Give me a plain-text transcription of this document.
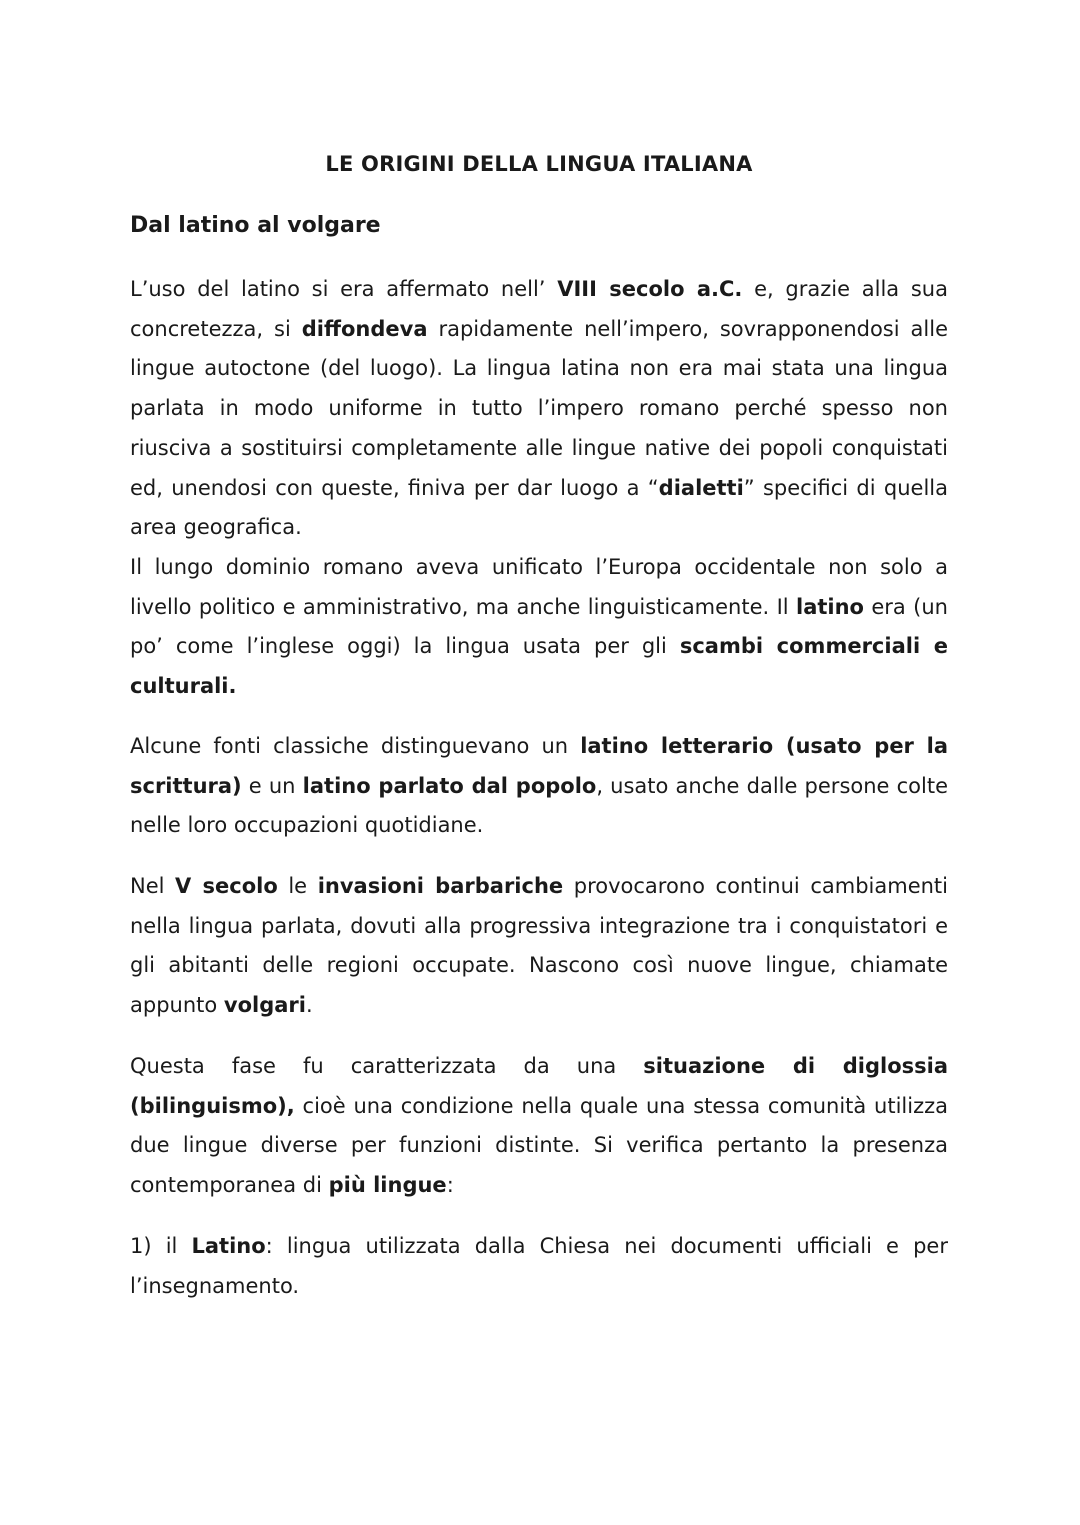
LE ORIGINI DELLA LINGUA ITALIANA
Dal latino al volgare

L’uso del latino si era affermato nell’ VIII secolo a.C. e, grazie alla sua concretezza, si diffondeva rapidamente nell’impero, sovrapponendosi alle lingue autoctone (del luogo). La lingua latina non era mai stata una lingua parlata in modo uniforme in tutto l’impero romano perché spesso non riusciva a sostituirsi completamente alle lingue native dei popoli conquistati ed, unendosi con queste, finiva per dar luogo a “dialetti” specifici di quella area geografica.
Il lungo dominio romano aveva unificato l’Europa occidentale non solo a livello politico e amministrativo, ma anche linguisticamente. Il latino era (un po’ come l’inglese oggi) la lingua usata per gli scambi commerciali e culturali.

Alcune fonti classiche distinguevano un latino letterario (usato per la scrittura) e un latino parlato dal popolo, usato anche dalle persone colte nelle loro occupazioni quotidiane.

Nel V secolo le invasioni barbariche provocarono continui cambiamenti nella lingua parlata, dovuti alla progressiva integrazione tra i conquistatori e gli abitanti delle regioni occupate. Nascono così nuove lingue, chiamate appunto volgari.

Questa fase fu caratterizzata da una situazione di diglossia (bilinguismo), cioè una condizione nella quale una stessa comunità utilizza due lingue diverse per funzioni distinte. Si verifica pertanto la presenza contemporanea di più lingue:

1) il Latino: lingua utilizzata dalla Chiesa nei documenti ufficiali e per l’insegnamento.
